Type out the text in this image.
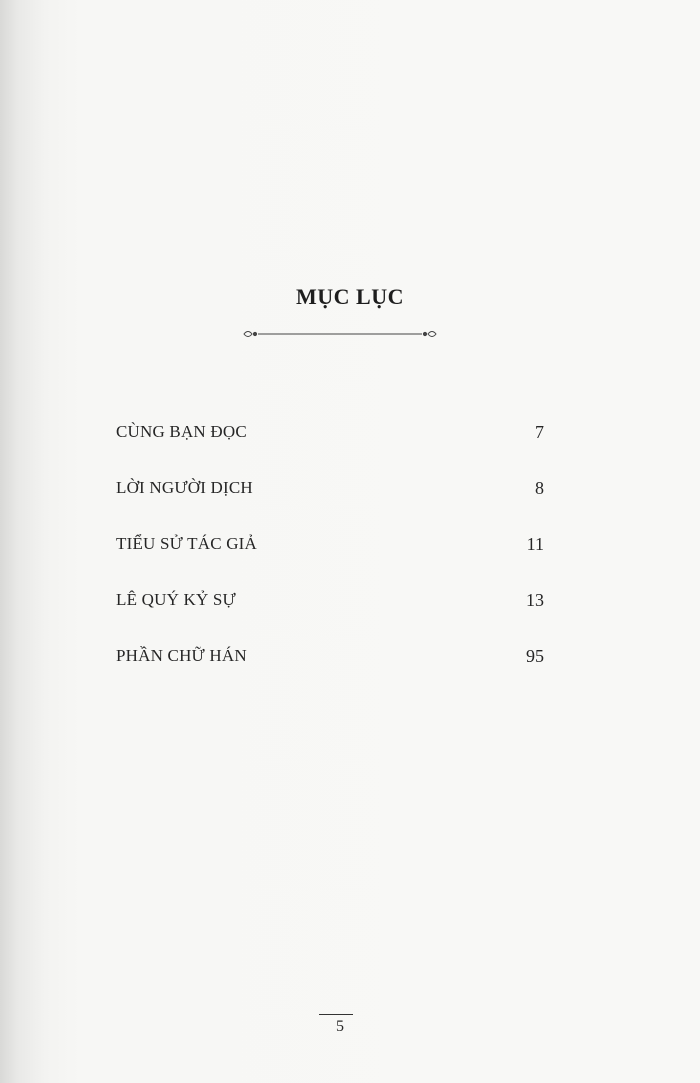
MỤC LỤC
CÙNG BẠN ĐỌC	7
LỜI NGƯỜI DỊCH	8
TIỂU SỬ TÁC GIẢ	11
LÊ QUÝ KỶ SỰ	13
PHẦN CHỮ HÁN	95
5
